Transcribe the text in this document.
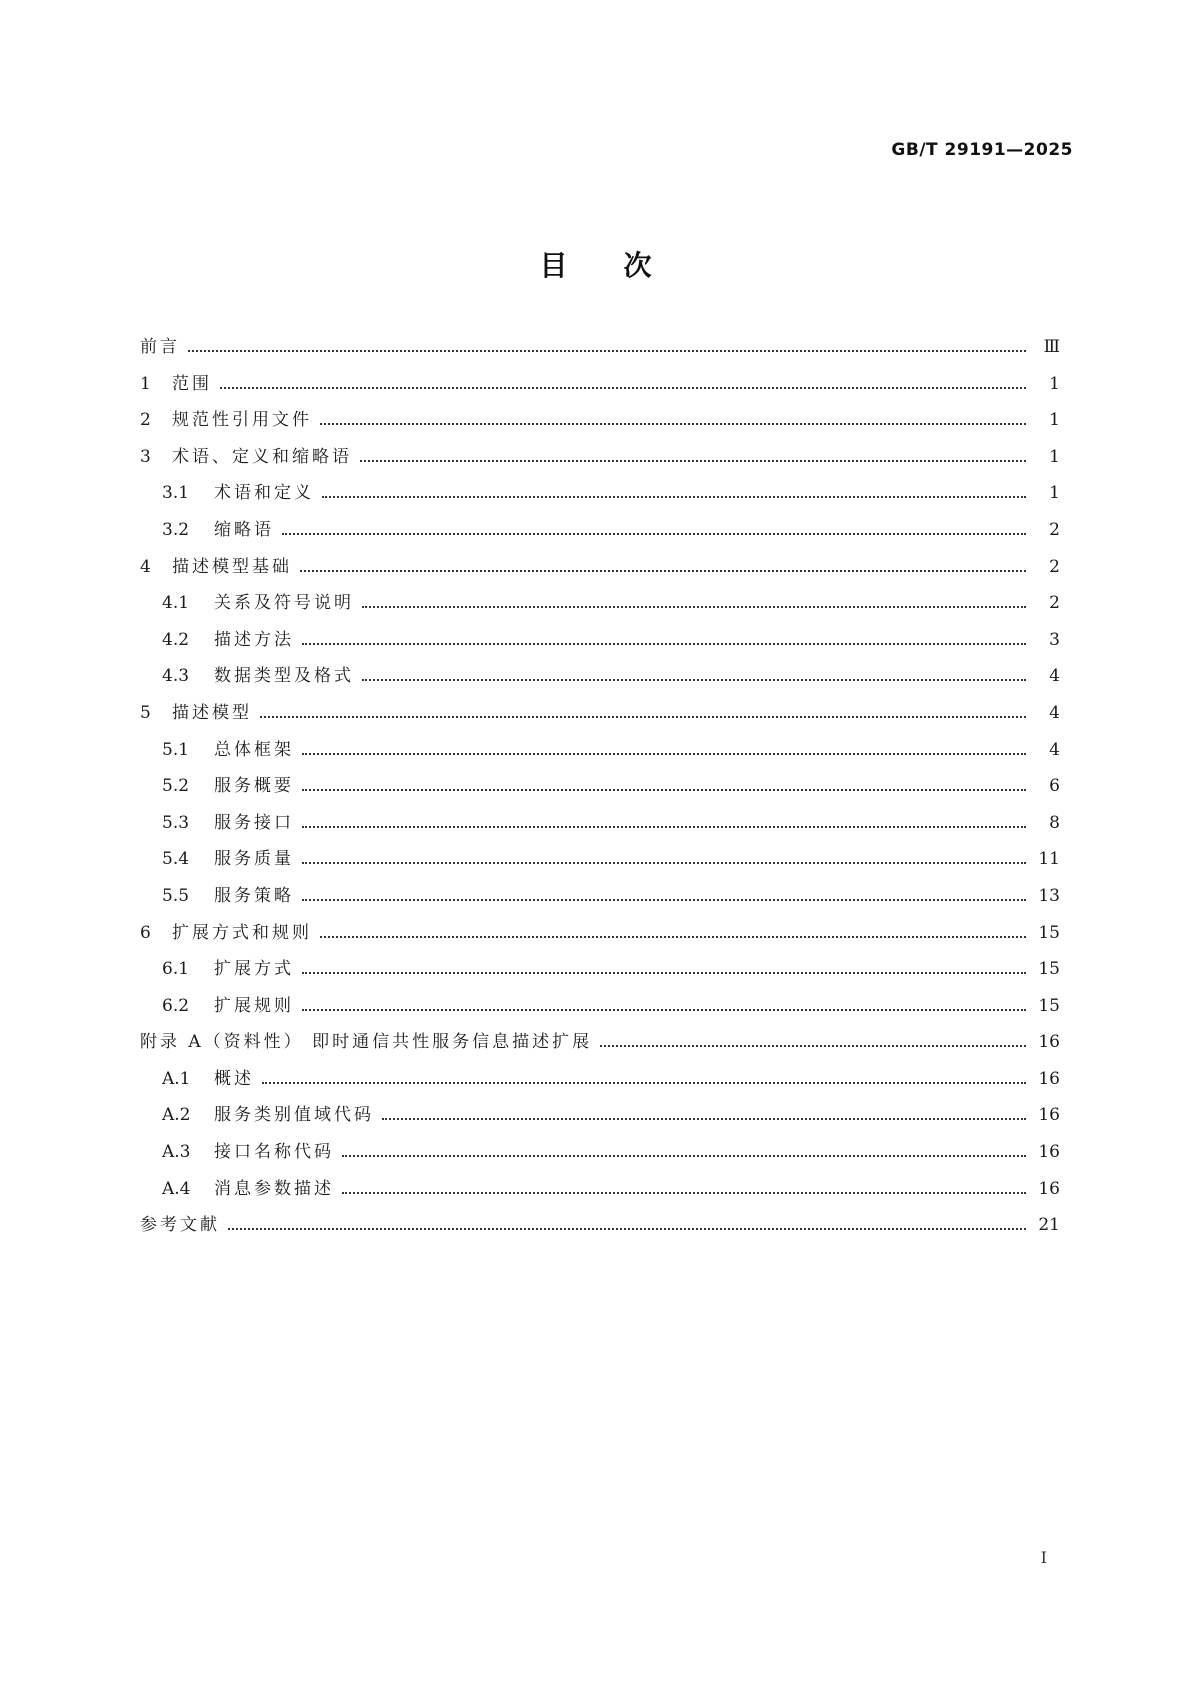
GB/T 29191—2025
目次
前言	Ⅲ
1	范围	1
2	规范性引用文件	1
3	术语、定义和缩略语	1
3.1	术语和定义	1
3.2	缩略语	2
4	描述模型基础	2
4.1	关系及符号说明	2
4.2	描述方法	3
4.3	数据类型及格式	4
5	描述模型	4
5.1	总体框架	4
5.2	服务概要	6
5.3	服务接口	8
5.4	服务质量	11
5.5	服务策略	13
6	扩展方式和规则	15
6.1	扩展方式	15
6.2	扩展规则	15
附录 A（资料性） 即时通信共性服务信息描述扩展	16
A.1	概述	16
A.2	服务类别值域代码	16
A.3	接口名称代码	16
A.4	消息参数描述	16
参考文献	21
I
